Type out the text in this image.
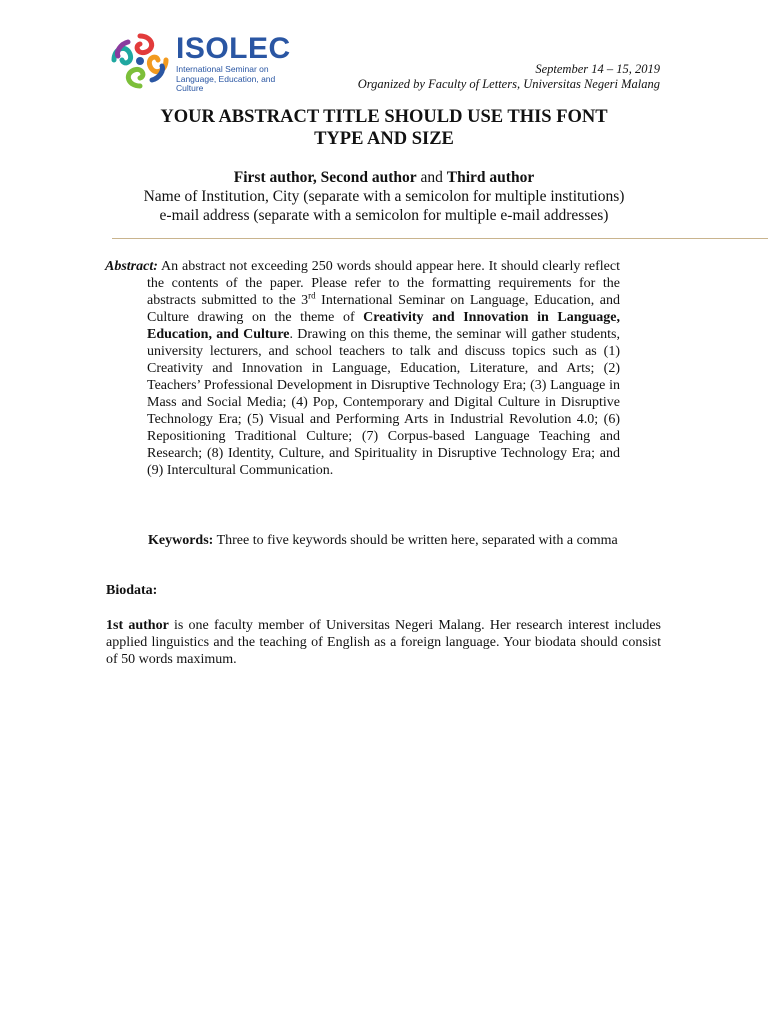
ISOLEC
International Seminar on
Language, Education, and Culture
September 14 – 15, 2019
Organized by Faculty of Letters, Universitas Negeri Malang
YOUR ABSTRACT TITLE SHOULD USE THIS FONT
TYPE AND SIZE
First author, Second author and Third author
Name of Institution, City (separate with a semicolon for multiple institutions)
e-mail address (separate with a semicolon for multiple e-mail addresses)
Abstract: An abstract not exceeding 250 words should appear here. It should clearly reflect the contents of the paper. Please refer to the formatting requirements for the abstracts submitted to the 3rd International Seminar on Language, Education, and Culture drawing on the theme of Creativity and Innovation in Language, Education, and Culture. Drawing on this theme, the seminar will gather students, university lecturers, and school teachers to talk and discuss topics such as (1) Creativity and Innovation in Language, Education, Literature, and Arts; (2) Teachers’ Professional Development in Disruptive Technology Era; (3) Language in Mass and Social Media; (4) Pop, Contemporary and Digital Culture in Disruptive Technology Era; (5) Visual and Performing Arts in Industrial Revolution 4.0; (6) Repositioning Traditional Culture; (7) Corpus-based Language Teaching and Research; (8) Identity, Culture, and Spirituality in Disruptive Technology Era; and (9) Intercultural Communication.
Keywords: Three to five keywords should be written here, separated with a comma
Biodata:
1st author is one faculty member of Universitas Negeri Malang. Her research interest includes applied linguistics and the teaching of English as a foreign language. Your biodata should consist of 50 words maximum.
